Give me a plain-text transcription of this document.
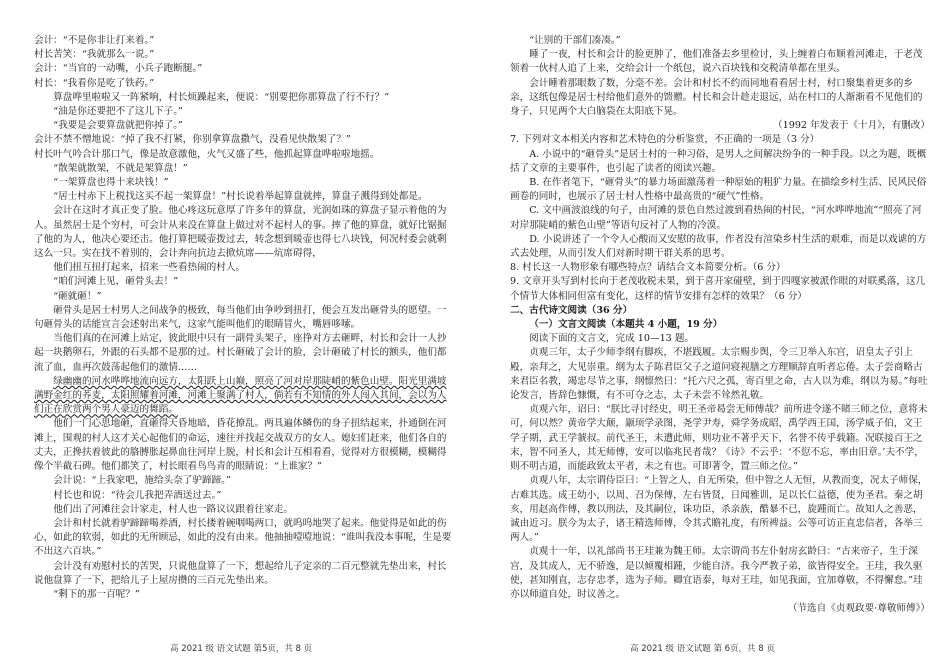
会计：“不是你非让打来着。”

村长苦笑：“我就那么一说。”

会计：“当官的一动嘴，小兵子跑断腿。”

村长：“我看你是吃了铁药。”

算盘哗里啦啦又一阵紧响，村长烦躁起来，便说：“别要把你那算盘了行不行？”

“油是你还要把不了这儿下子。”

“我要是会要算盘就把你掉了。”

会计不禁不憎地说：“掉了我不打紧，你别拿算盘撒气，没看见快散架了？”

村长叶气吟合计那口气，像是故意激他，火气又盛了些，他抓起算盘哗啦啦地摇。

“散架就散架，不就是架算盘！”

“一架算盘也得十来块钱！”

“居士村赤下上税找这买不起一架算盘！”村长说着举起算盘就摔，算盘子溅得到处都是。

会计在这时才真正变了脸。他心疼这玩意厚了许多年的算盘，光润如珠的算盘子显示着他的为人。虽然居士是个穷村，可会计从来没在算盘上做过对不起村人的事。摔了他的算盘，就好比锯掘了他的为人，他决心要还击。他打算把暖壶拨过去，转念想到暖壶也得七八块钱，何况村委会就剩这么一只。实在找不着别的，会计奔向抗边去掀炕席——炕席碍得，

他们扭互扭打起来，招来一些看热闹的村人。

“咱们河滩上见，砸骨头去！”

“砸就砸！”

砸骨头是居士村男人之间战争的极致，每当他们由争吵到扭打，便会互发出砸骨头的愿望。一句砸骨头的话能宣言会述射出来气，这家气能叫他们的眼睛冒火，嘴唇哆嗦。

当他们真的在河滩上站定，彼此眼中只有一副骨头架子，座挣对方去砸畔，村长和会计一人抄起一块鹅卵石，外跟的石头都不是那的过。村长砸破了会计的脸，会计砸破了村长的额头，他们都流了血，血再次鼓荡起他们的激情……

绿幽幽的河水哗哗地流向远方，太阳跃上山巅，照亮了河对岸那陡峭的紫色山壁。阳光里满坡满野金红的荞麦，太阳照耀着河滩，河滩上聚满了村人，倘若有不知情的外人闯入其间，会以为人们正在欣赏两个男人豪迈的舞蹈。

他们一门心思地砸，直砸得天昏地暗，昏花撩乱。两具遍体鳞伤的身子扭结起来，扑通倒在河滩上，围观的村人这才关心起他们的命运，速往并找起交战双方的女人。媳妇们赶来，他们各自的丈夫，正搀扶着彼此的胳膊胀起鼻血往河岸上脱，村长和会计互相看看，觉得对方很模糊，模糊得像个半截石碑。他们都笑了，村长眼看鸟鸟青的眼睛说：“上谁家？”

会计说：“上我家吧，施给头奈了驴蹄蹄。”

村长也和说：“待会儿我把弄酒送过去。”

他们出了河滩往会计家走，村人也一路议议跟着往家走。

会计和村长就着驴蹄蹄喝养酒，村长搂着碗咽喝两口，就呜呜地哭了起来。他觉得是如此的伤心，如此的软弱，如此的无所顾忌，如此的没有由来。他抽抽噎噎地说：“谁叫我没本事呢，生是要不出这六百块。”

会计没有劝慰村长的苦哭，只说他盘算了一下，想起给儿子定亲的二百元整就先垫出来，村长说他盘算了一下，把给儿子上屋房攒的三百元先垫出来。

“剩下的那一百呢？”

“让别的干部们凑凑。”

睡了一夜，村长和会计的脸更肿了，他们准备去乡里检讨，头上缠着白布顺着河滩走，于老茂领着一伙村人追了上来，交给会计一个纸包，说六百块钱和交税清单都在里头。

会计睡着那眼数了数，分毫不差。会计和村长不约而同地看看居士村，村口聚集着更多的乡亲，这纸包像是居士村给他们意外的馈赠。村长和会计趁走退远，站在村口的人渐渐看不见他们的身子，只见两个大白脑袋在太阳底下晃。

（1992 年发表于《十月》，有删改）

7. 下列对文本相关内容和艺术特色的分析鉴赏，不正确的一项是（3 分）

A. 小说中的“砸骨头”是居士村的一种习俗，是男人之间解决纷争的一种手段。以之为题，既概括了文章的主要事件，也引起了读者的阅读兴趣。

B. 在作者笔下，“砸骨头”的暴力场面激荡着一种原始的粗犷力量。在描绘乡村生活、民风民俗画卷的同时，也展示了居士村人性格中最高贵的“硬气”性格。

C. 文中画波浪线的句子，由河滩的景色自然过渡到看热闹的村民，“河水哗哗地流”“照亮了河对岸那陡峭的紫色山壁”等语句反衬了人物的冷漠。

D. 小说讲述了一个令人心酸而又安慰的故事，作者没有渲染乡村生活的艰难，而是以戏谑的方式去处理，从而引发人们对新时期干群关系的思考。

8. 村长这一人物形象有哪些特点？请结合文本简要分析。（6 分）

9. 文章开头写到村长向于老茂收税未果，到于喜开家碰壁，到于四嘎家被派作眼的对联奚落，这几个情节大体相同但富有变化，这样的情节安排有怎样的效果？（6 分）

二、古代诗文阅读（36 分）

（一）文言文阅读（本题共 4 小题，19 分）

阅读下面的文言文，完成 10—13 题。

贞观三年，太子少师李纲有脚疾，不堪践履。太宗赐步舆，令三卫举入东宫，诏皇太子引上殿，亲拜之，大见崇重。纲为太子陈君臣父子之道问寝视膳之方理顺辞直听者忘倦。太子尝商略古来君臣名教，竭忠尽节之事，纲懔然曰：“托六尺之孤，寄百里之命，古人以为难，纲以为易。”每吐论发言，皆辞色慷慨，有不可夺之志，太子未尝不耸然礼敬。

贞观六年，诏曰：“朕比寻讨经史，明王圣帝曷尝无师傅哉？前所进令遂不睹三师之位，意将未可，何以然？黄帝学大颠，颛顼学录图，尧学尹寿，舜学务成昭，禹学西王国，汤学威子伯，文王学子期，武王学虢叔。前代圣王，未遭此师，则功业不著乎天下，名誉不传乎载籍。况联接百王之末，智不同圣人，其无师傅，安可以临兆民者哉？《诗》不云乎：‘不愆不忘，率由旧章。’夫不学，则不明古道，而能政致太平者，未之有也。可即著令，置三师之位。”

贞观八年，太宗谓侍臣曰：“上智之人，自无所染，但中智之人无恒，从教而变，况太子师保，古难其选。成王幼小，以周、召为保傅，左右皆贤，日闻雅训，足以长仁益德，使为圣君。秦之胡亥，用赵高作傅，教以刑法，及其嗣位，诛功臣，杀亲族，酷暴不已，旋踵而亡。故知人之善恶，诚由近习。朕今为太子，诸王精选师傅，令其式瞻礼度，有所裨益。公等可访正直忠信者，各举三两人。”

贞观十一年，以礼部尚书王珪兼为魏王师。太宗谓尚书左仆射房玄龄曰：“古来帝子，生于深宫，及其成人，无不骄逸，是以倾覆相踵，少能自济。我今严教子弟，欲皆得安全。王珪，我久驱使，甚知刚直，志存忠孝，选为子师。卿宜语泰，每对王珪，如见我面，宜加尊敬，不得懈怠。”珪亦以师道自处，时议善之。

（节选自《贞观政要·尊敬师傅》）

高 2021 级 语文试题 第5页，共 8 页	高 2021 级 语文试题 第 6页，共 8 页
